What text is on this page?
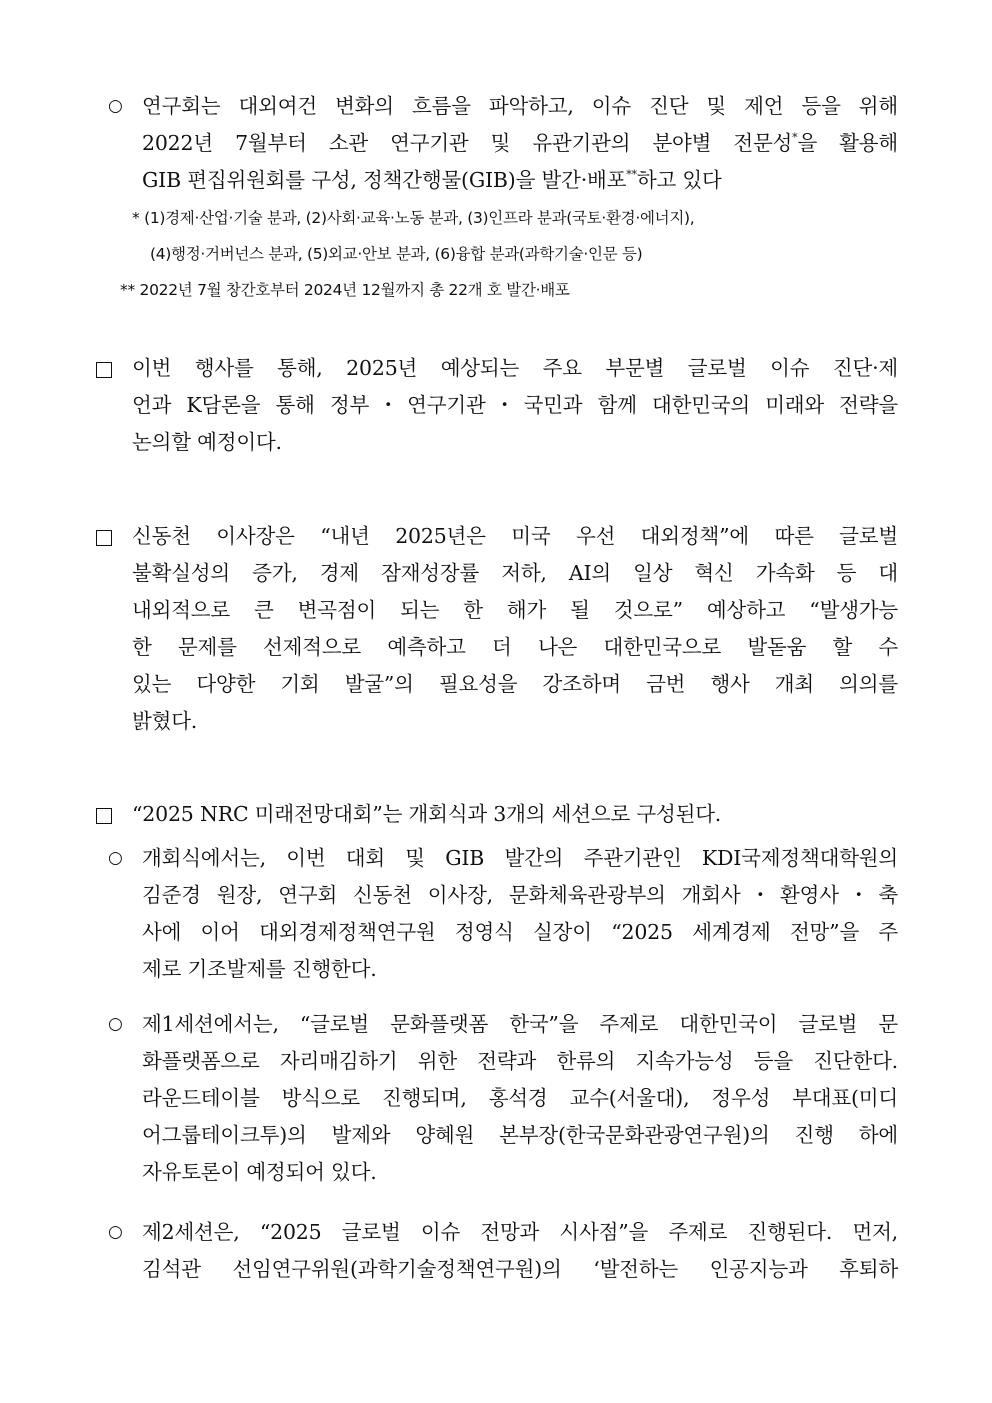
○ 연구회는 대외여건 변화의 흐름을 파악하고, 이슈 진단 및 제언 등을 위해

2022년 7월부터 소관 연구기관 및 유관기관의 분야별 전문성*을 활용해

GIB 편집위원회를 구성, 정책간행물(GIB)을 발간·배포**하고 있다

* (1)경제·산업·기술 분과, (2)사회·교육·노동 분과, (3)인프라 분과(국토·환경·에너지),
(4)행정·거버넌스 분과, (5)외교·안보 분과, (6)융합 분과(과학기술·인문 등)
** 2022년 7월 창간호부터 2024년 12월까지 총 22개 호 발간·배포

이번 행사를 통해, 2025년 예상되는 주요 부문별 글로벌 이슈 진단·제

언과 K담론을 통해 정부・연구기관・국민과 함께 대한민국의 미래와 전략을

논의할 예정이다.

신동천 이사장은 “내년 2025년은 미국 우선 대외정책”에 따른 글로벌

불확실성의 증가, 경제 잠재성장률 저하, AI의 일상 혁신 가속화 등 대

내외적으로 큰 변곡점이 되는 한 해가 될 것으로” 예상하고 “발생가능

한 문제를 선제적으로 예측하고 더 나은 대한민국으로 발돋움 할 수

있는 다양한 기회 발굴”의 필요성을 강조하며 금번 행사 개최 의의를

밝혔다.

“2025 NRC 미래전망대회”는 개회식과 3개의 세션으로 구성된다.

○ 개회식에서는, 이번 대회 및 GIB 발간의 주관기관인 KDI국제정책대학원의

김준경 원장, 연구회 신동천 이사장, 문화체육관광부의 개회사・환영사・축

사에 이어 대외경제정책연구원 정영식 실장이 “2025 세계경제 전망”을 주

제로 기조발제를 진행한다.

○ 제1세션에서는, “글로벌 문화플랫폼 한국”을 주제로 대한민국이 글로벌 문

화플랫폼으로 자리매김하기 위한 전략과 한류의 지속가능성 등을 진단한다.

라운드테이블 방식으로 진행되며, 홍석경 교수(서울대), 정우성 부대표(미디

어그룹테이크투)의 발제와 양혜원 본부장(한국문화관광연구원)의 진행 하에

자유토론이 예정되어 있다.

○ 제2세션은, “2025 글로벌 이슈 전망과 시사점”을 주제로 진행된다. 먼저,

김석관 선임연구위원(과학기술정책연구원)의 ‘발전하는 인공지능과 후퇴하
